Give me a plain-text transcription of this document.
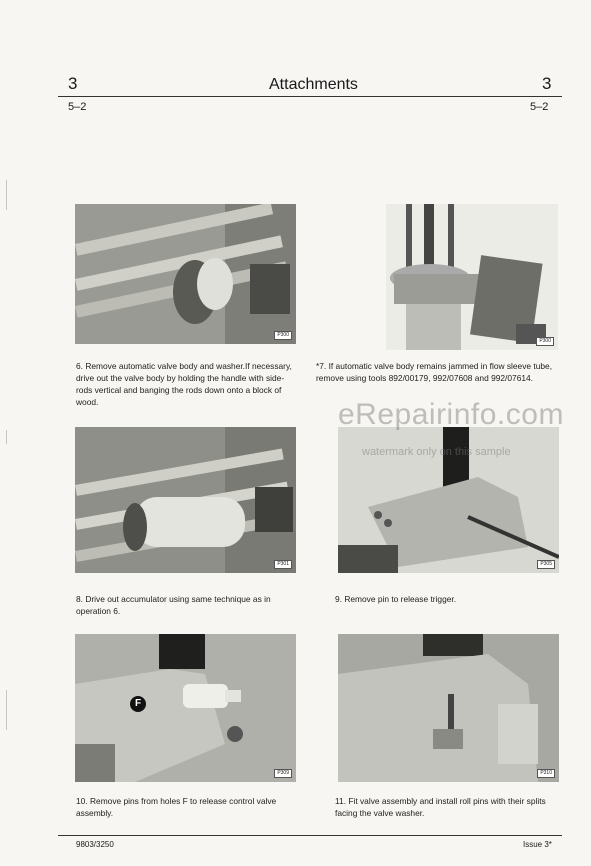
3	Attachments	3
5–2	5–2
P300
6. Remove automatic valve body and washer.If necessary, drive out the valve body by holding the handle with side-rods vertical and banging the rods down onto a block of wood.
P300
*7. If automatic valve body remains jammed in flow sleeve tube, remove using tools 892/00179, 992/07608 and 992/07614.
P301
8. Drive out accumulator using same technique as in operation 6.
P305
9. Remove pin to release trigger.
F
P309
10. Remove pins from holes F to release control valve assembly.
P310
11. Fit valve assembly and install roll pins with their splits facing the valve washer.
eRepairinfo.com
watermark only on this sample
9803/3250	Issue 3*
